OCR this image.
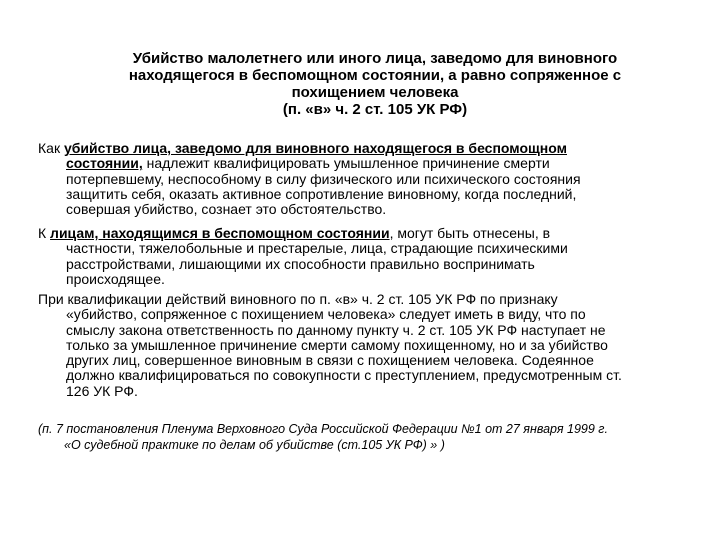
Убийство малолетнего или иного лица, заведомо для виновного
находящегося в беспомощном состоянии, а равно сопряженное с
похищением человека
(п. «в» ч. 2 ст. 105 УК РФ)
Как убийство лица, заведомо для виновного находящегося в беспомощном
состоянии, надлежит квалифицировать умышленное причинение смерти
потерпевшему, неспособному в силу физического или психического состояния
защитить себя, оказать активное сопротивление виновному, когда последний,
совершая убийство, сознает это обстоятельство.
К лицам, находящимся в беспомощном состоянии, могут быть отнесены, в
частности, тяжелобольные и престарелые, лица, страдающие психическими
расстройствами, лишающими их способности правильно воспринимать
происходящее.
При квалификации действий виновного по п. «в» ч. 2 ст. 105 УК РФ по признаку
«убийство, сопряженное с похищением человека» следует иметь в виду, что по
смыслу закона ответственность по данному пункту ч. 2 ст. 105 УК РФ наступает не
только за умышленное причинение смерти самому похищенному, но и за убийство
других лиц, совершенное виновным в связи с похищением человека. Содеянное
должно квалифицироваться по совокупности с преступлением, предусмотренным ст.
126 УК РФ.
(п. 7 постановления Пленума Верховного Суда Российской Федерации №1 от 27 января 1999 г.
«О судебной практике по делам об убийстве (ст.105 УК РФ) » )
